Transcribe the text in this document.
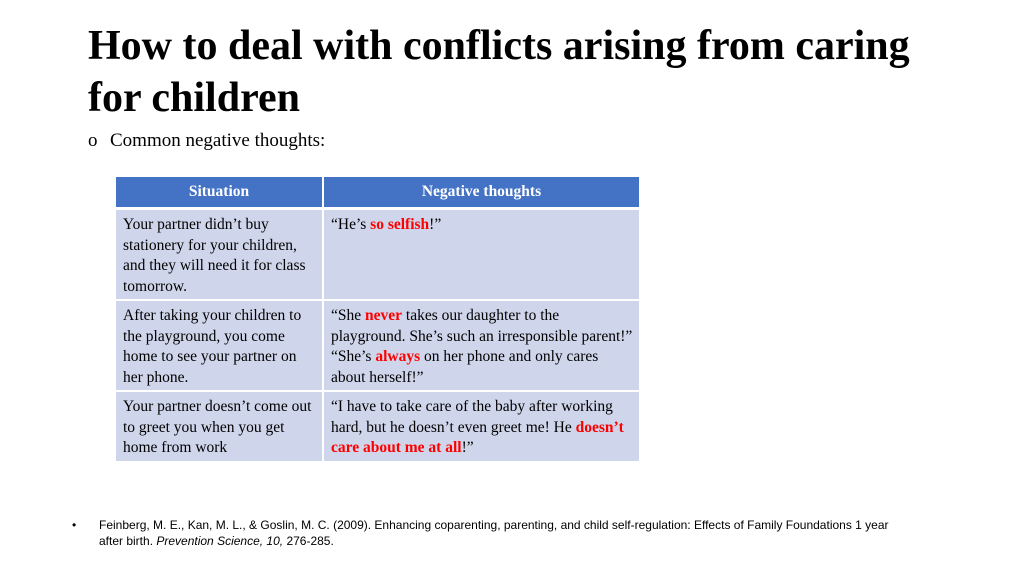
How to deal with conflicts arising from caring for children
o Common negative thoughts:
Situation	Negative thoughts
Your partner didn’t buy stationery for your children, and they will need it for class tomorrow.	“He’s so selfish!”
After taking your children to the playground, you come home to see your partner on her phone.	“She never takes our daughter to the playground. She’s such an irresponsible parent!” “She’s always on her phone and only cares about herself!”
Your partner doesn’t come out to greet you when you get home from work	“I have to take care of the baby after working hard, but he doesn’t even greet me! He doesn’t care about me at all!”
• Feinberg, M. E., Kan, M. L., & Goslin, M. C. (2009). Enhancing coparenting, parenting, and child self-regulation: Effects of Family Foundations 1 year after birth. Prevention Science, 10, 276-285.
